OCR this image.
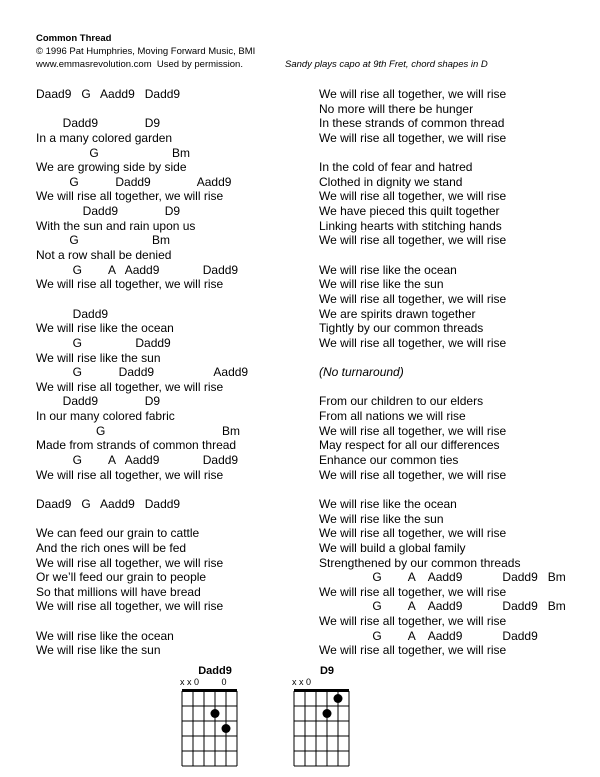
Common Thread
© 1996 Pat Humphries, Moving Forward Music, BMI
www.emmasrevolution.com  Used by permission.	Sandy plays capo at 9th Fret, chord shapes in D
Daad9   G   Aadd9   Dadd9
Dadd9              D9
In a many colored garden
G                      Bm
We are growing side by side
G           Dadd9              Aadd9
We will rise all together, we will rise
Dadd9              D9
With the sun and rain upon us
G                      Bm
Not a row shall be denied
G        A   Aadd9             Dadd9
We will rise all together, we will rise
Dadd9
We will rise like the ocean
G                Dadd9
We will rise like the sun
G           Dadd9                  Aadd9
We will rise all together, we will rise
Dadd9              D9
In our many colored fabric
G                                   Bm
Made from strands of common thread
G        A   Aadd9             Dadd9
We will rise all together, we will rise
Daad9   G   Aadd9   Dadd9
We can feed our grain to cattle
And the rich ones will be fed
We will rise all together, we will rise
Or we’ll feed our grain to people
So that millions will have bread
We will rise all together, we will rise
We will rise like the ocean
We will rise like the sun
We will rise all together, we will rise
No more will there be hunger
In these strands of common thread
We will rise all together, we will rise
In the cold of fear and hatred
Clothed in dignity we stand
We will rise all together, we will rise
We have pieced this quilt together
Linking hearts with stitching hands
We will rise all together, we will rise
We will rise like the ocean
We will rise like the sun
We will rise all together, we will rise
We are spirits drawn together
Tightly by our common threads
We will rise all together, we will rise
(No turnaround)
From our children to our elders
From all nations we will rise
We will rise all together, we will rise
May respect for all our differences
Enhance our common ties
We will rise all together, we will rise
We will rise like the ocean
We will rise like the sun
We will rise all together, we will rise
We will build a global family
Strengthened by our common threads
G        A    Aadd9            Dadd9   Bm
We will rise all together, we will rise
G        A    Aadd9            Dadd9   Bm
We will rise all together, we will rise
G        A    Aadd9            Dadd9
We will rise all together, we will rise
Dadd9
x x 0         0
D9
x x 0
